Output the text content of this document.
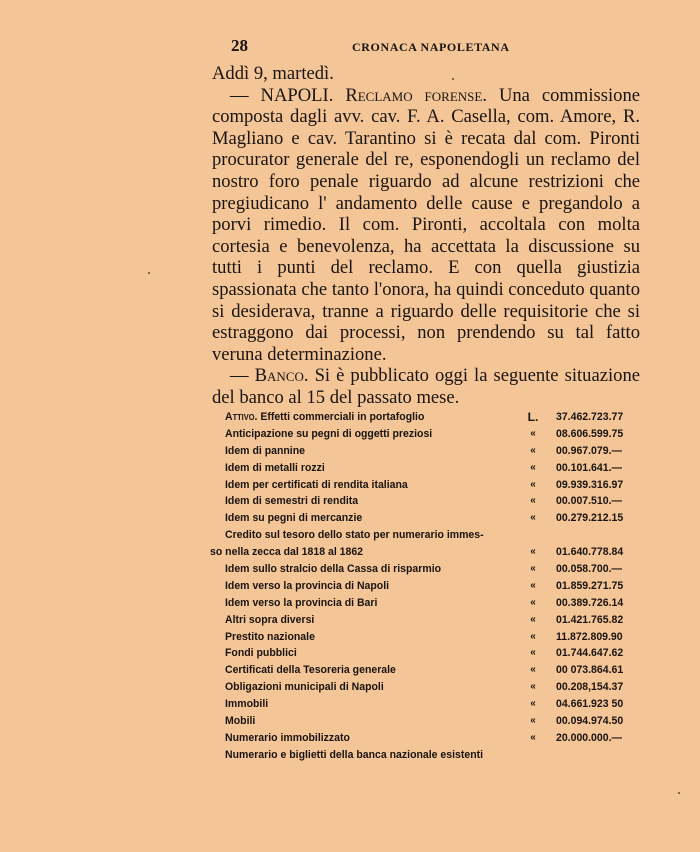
28	CRONACA NAPOLETANA

Addì 9, martedì.

— NAPOLI. Reclamo forense. Una commissione composta dagli avv. cav. F. A. Casella, com. Amore, R. Magliano e cav. Tarantino si è recata dal com. Pironti procurator generale del re, esponendogli un reclamo del nostro foro penale riguardo ad alcune restrizioni che pregiudicano l' andamento delle cause e pregandolo a porvi rimedio. Il com. Pironti, accoltala con molta cortesia e benevolenza, ha accettata la discussione su tutti i punti del reclamo. E con quella giustizia spassionata che tanto l'onora, ha quindi conceduto quanto si desiderava, tranne a riguardo delle requisitorie che si estraggono dai processi, non prendendo su tal fatto veruna determinazione.

— Banco. Si è pubblicato oggi la seguente situazione del banco al 15 del passato mese.

Attivo. Effetti commerciali in portafoglio	L.	37.462.723.77
Anticipazione su pegni di oggetti preziosi	«	08.606.599.75
Idem di pannine	«	00.967.079.—
Idem di metalli rozzi	«	00.101.641.—
Idem per certificati di rendita italiana	«	09.939.316.97
Idem di semestri di rendita	«	00.007.510.—
Idem su pegni di mercanzie	«	00.279.212.15
Credito sul tesoro dello stato per numerario immes-
so nella zecca dal 1818 al 1862	«	01.640.778.84
Idem sullo stralcio della Cassa di risparmio	«	00.058.700.—
Idem verso la provincia di Napoli	«	01.859.271.75
Idem verso la provincia di Bari	«	00.389.726.14
Altri sopra diversi	«	01.421.765.82
Prestito nazionale	«	11.872.809.90
Fondi pubblici	«	01.744.647.62
Certificati della Tesoreria generale	«	00 073.864.61
Obligazioni municipali di Napoli	«	00.208,154.37
Immobili	«	04.661.923 50
Mobili	«	00.094.974.50
Numerario immobilizzato	«	20.000.000.—
Numerario e biglietti della banca nazionale esistenti
